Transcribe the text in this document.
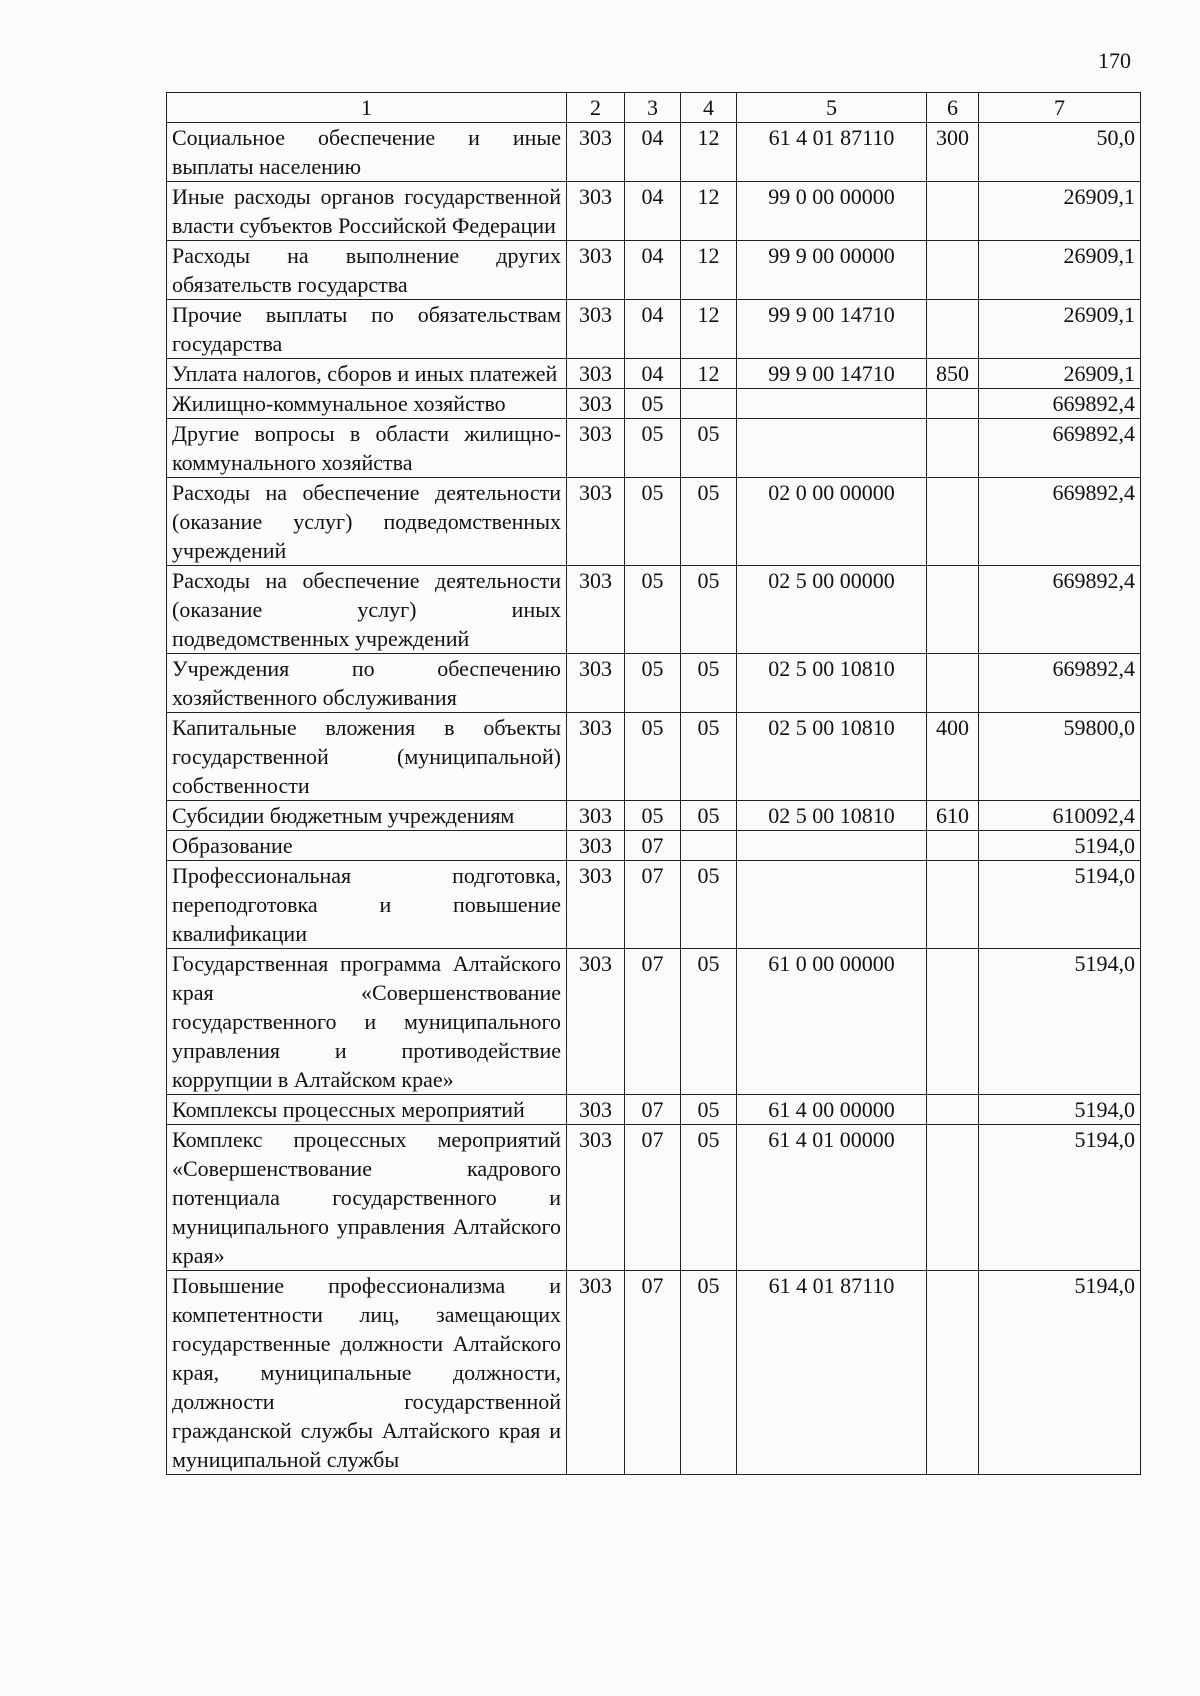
170
1	2	3	4	5	6	7
Социальное обеспечение и иные выплаты населению	303	04	12	61 4 01 87110	300	50,0
Иные расходы органов государственной власти субъектов Российской Федерации	303	04	12	99 0 00 00000		26909,1
Расходы на выполнение других обязательств государства	303	04	12	99 9 00 00000		26909,1
Прочие выплаты по обязательствам государства	303	04	12	99 9 00 14710		26909,1
Уплата налогов, сборов и иных платежей	303	04	12	99 9 00 14710	850	26909,1
Жилищно-коммунальное хозяйство	303	05				669892,4
Другие вопросы в области жилищно-коммунального хозяйства	303	05	05			669892,4
Расходы на обеспечение деятельности (оказание услуг) подведомственных учреждений	303	05	05	02 0 00 00000		669892,4
Расходы на обеспечение деятельности (оказание услуг) иных подведомственных учреждений	303	05	05	02 5 00 00000		669892,4
Учреждения по обеспечению хозяйственного обслуживания	303	05	05	02 5 00 10810		669892,4
Капитальные вложения в объекты государственной (муниципальной) собственности	303	05	05	02 5 00 10810	400	59800,0
Субсидии бюджетным учреждениям	303	05	05	02 5 00 10810	610	610092,4
Образование	303	07				5194,0
Профессиональная подготовка, переподготовка и повышение квалификации	303	07	05			5194,0
Государственная программа Алтайского края «Совершенствование государственного и муниципального управления и противодействие коррупции в Алтайском крае»	303	07	05	61 0 00 00000		5194,0
Комплексы процессных мероприятий	303	07	05	61 4 00 00000		5194,0
Комплекс процессных мероприятий «Совершенствование кадрового потенциала государственного и муниципального управления Алтайского края»	303	07	05	61 4 01 00000		5194,0
Повышение профессионализма и компетентности лиц, замещающих государственные должности Алтайского края, муниципальные должности, должности государственной гражданской службы Алтайского края и муниципальной службы	303	07	05	61 4 01 87110		5194,0
